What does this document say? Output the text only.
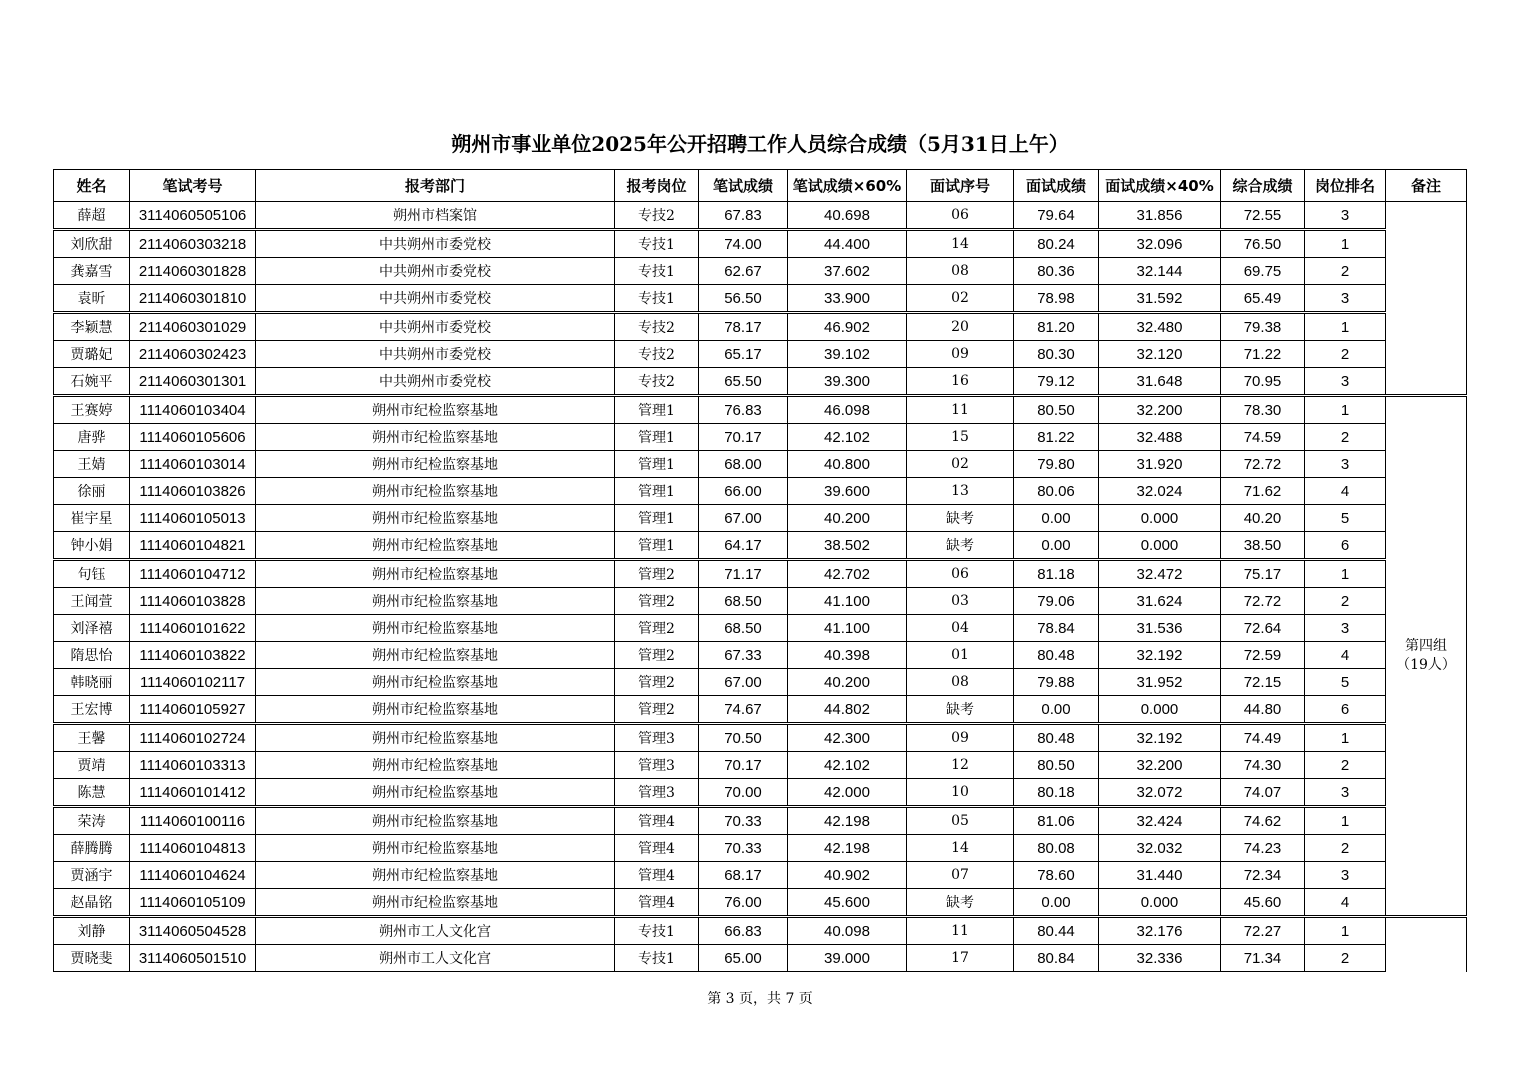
朔州市事业单位2025年公开招聘工作人员综合成绩（5月31日上午）
姓名	笔试考号	报考部门	报考岗位	笔试成绩	笔试成绩×60%	面试序号	面试成绩	面试成绩×40%	综合成绩	岗位排名	备注
薛超	3114060505106	朔州市档案馆	专技2	67.83	40.698	06	79.64	31.856	72.55	3	
刘欣甜	2114060303218	中共朔州市委党校	专技1	74.00	44.400	14	80.24	32.096	76.50	1	
龚嘉雪	2114060301828	中共朔州市委党校	专技1	62.67	37.602	08	80.36	32.144	69.75	2	
袁昕	2114060301810	中共朔州市委党校	专技1	56.50	33.900	02	78.98	31.592	65.49	3	
李颖慧	2114060301029	中共朔州市委党校	专技2	78.17	46.902	20	81.20	32.480	79.38	1	
贾璐妃	2114060302423	中共朔州市委党校	专技2	65.17	39.102	09	80.30	32.120	71.22	2	
石婉平	2114060301301	中共朔州市委党校	专技2	65.50	39.300	16	79.12	31.648	70.95	3	
王赛婷	1114060103404	朔州市纪检监察基地	管理1	76.83	46.098	11	80.50	32.200	78.30	1	第四组
（19人）
唐骅	1114060105606	朔州市纪检监察基地	管理1	70.17	42.102	15	81.22	32.488	74.59	2	
王婧	1114060103014	朔州市纪检监察基地	管理1	68.00	40.800	02	79.80	31.920	72.72	3	
徐丽	1114060103826	朔州市纪检监察基地	管理1	66.00	39.600	13	80.06	32.024	71.62	4	
崔宇星	1114060105013	朔州市纪检监察基地	管理1	67.00	40.200	缺考	0.00	0.000	40.20	5	
钟小娟	1114060104821	朔州市纪检监察基地	管理1	64.17	38.502	缺考	0.00	0.000	38.50	6	
句钰	1114060104712	朔州市纪检监察基地	管理2	71.17	42.702	06	81.18	32.472	75.17	1	
王闻萱	1114060103828	朔州市纪检监察基地	管理2	68.50	41.100	03	79.06	31.624	72.72	2	
刘泽禧	1114060101622	朔州市纪检监察基地	管理2	68.50	41.100	04	78.84	31.536	72.64	3	
隋思怡	1114060103822	朔州市纪检监察基地	管理2	67.33	40.398	01	80.48	32.192	72.59	4	
韩晓丽	1114060102117	朔州市纪检监察基地	管理2	67.00	40.200	08	79.88	31.952	72.15	5	
王宏博	1114060105927	朔州市纪检监察基地	管理2	74.67	44.802	缺考	0.00	0.000	44.80	6	
王馨	1114060102724	朔州市纪检监察基地	管理3	70.50	42.300	09	80.48	32.192	74.49	1	
贾靖	1114060103313	朔州市纪检监察基地	管理3	70.17	42.102	12	80.50	32.200	74.30	2	
陈慧	1114060101412	朔州市纪检监察基地	管理3	70.00	42.000	10	80.18	32.072	74.07	3	
荣涛	1114060100116	朔州市纪检监察基地	管理4	70.33	42.198	05	81.06	32.424	74.62	1	
薛腾腾	1114060104813	朔州市纪检监察基地	管理4	70.33	42.198	14	80.08	32.032	74.23	2	
贾涵宇	1114060104624	朔州市纪检监察基地	管理4	68.17	40.902	07	78.60	31.440	72.34	3	
赵晶铭	1114060105109	朔州市纪检监察基地	管理4	76.00	45.600	缺考	0.00	0.000	45.60	4	
刘静	3114060504528	朔州市工人文化宫	专技1	66.83	40.098	11	80.44	32.176	72.27	1	
贾晓斐	3114060501510	朔州市工人文化宫	专技1	65.00	39.000	17	80.84	32.336	71.34	2	
第 3 页，共 7 页
